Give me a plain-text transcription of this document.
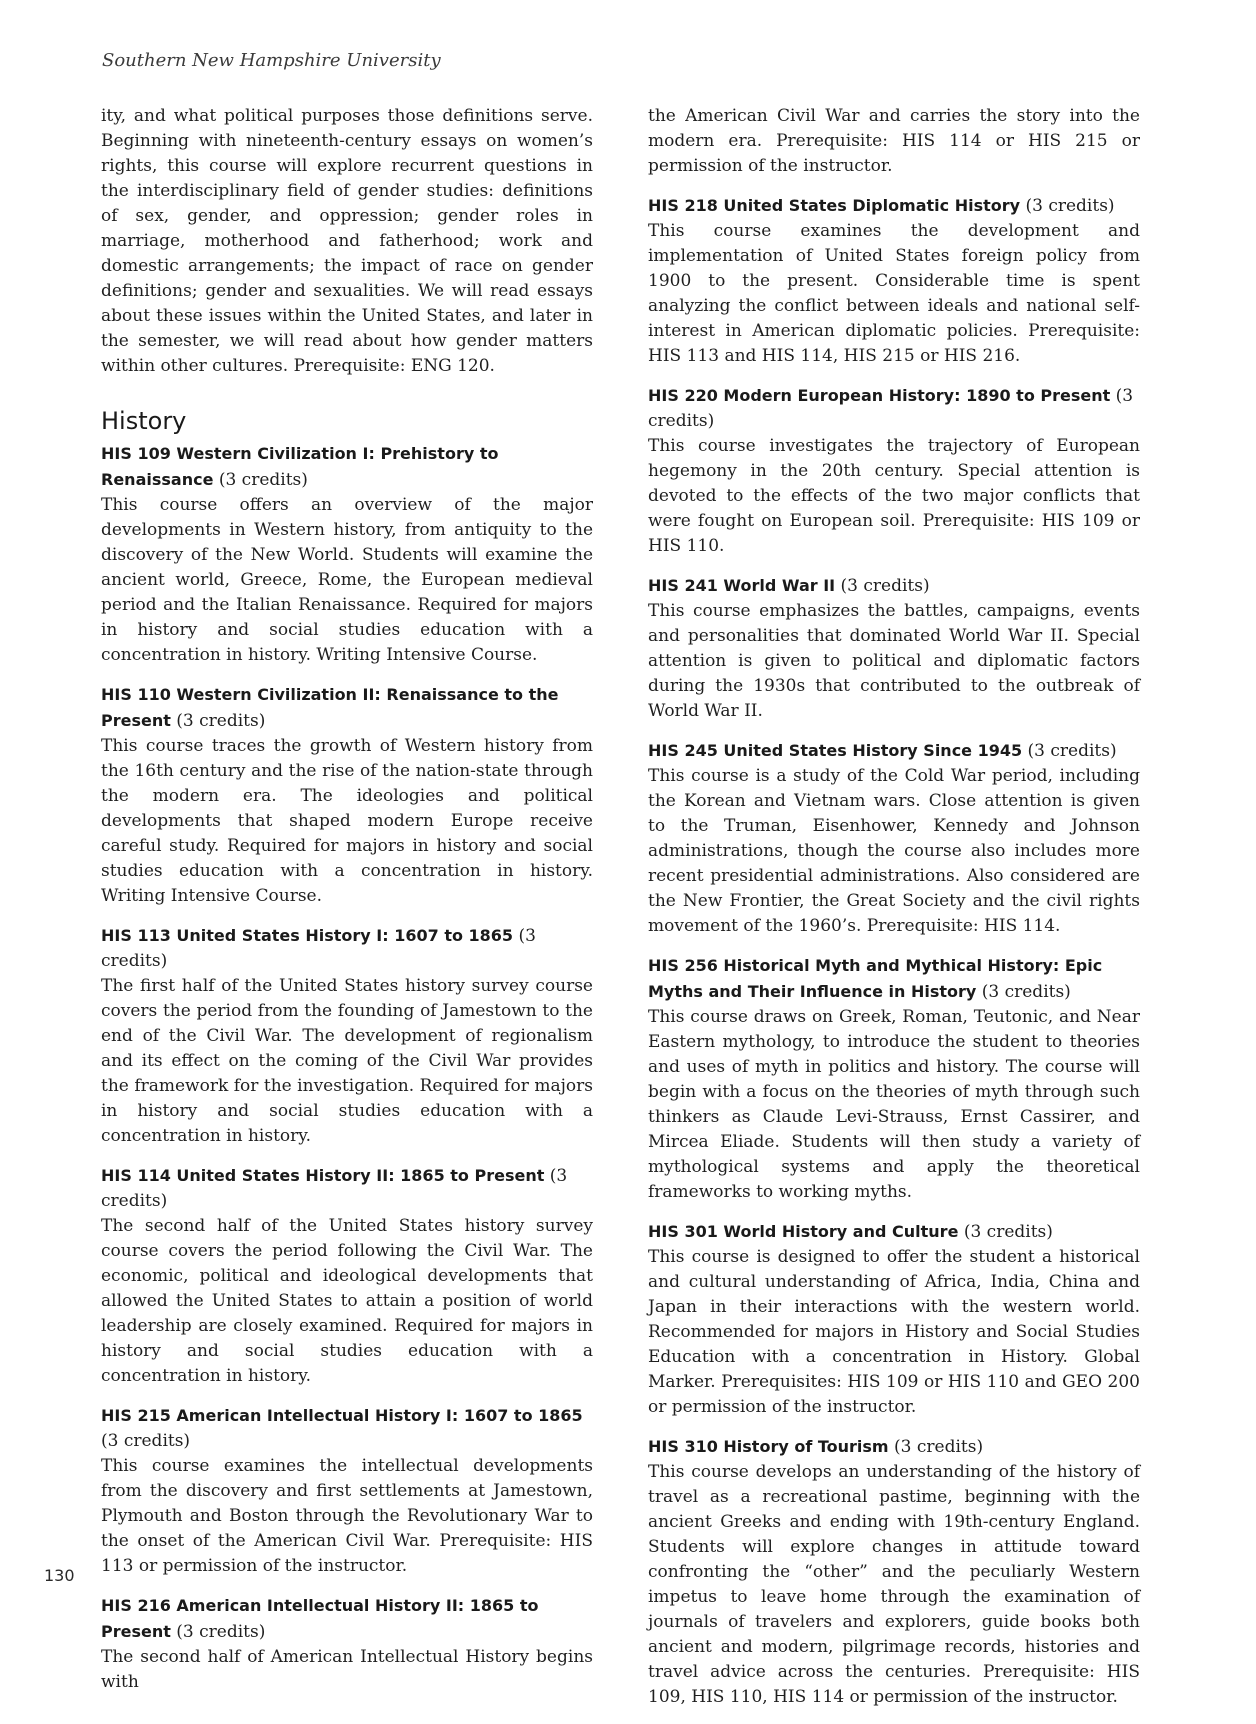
Southern New Hampshire University

ity, and what political purposes those definitions serve. Beginning with nineteenth-century essays on women’s rights, this course will explore recurrent questions in the interdisciplinary field of gender studies: definitions of sex, gender, and oppression; gender roles in marriage, motherhood and fatherhood; work and domestic arrangements; the impact of race on gender definitions; gender and sexualities. We will read essays about these issues within the United States, and later in the semester, we will read about how gender matters within other cultures. Prerequisite: ENG 120.

History

HIS 109 Western Civilization I: Prehistory to Renaissance (3 credits)

This course offers an overview of the major developments in Western history, from antiquity to the discovery of the New World. Students will examine the ancient world, Greece, Rome, the European medieval period and the Italian Renaissance. Required for majors in history and social studies education with a concentration in history. Writing Intensive Course.

HIS 110 Western Civilization II: Renaissance to the Present (3 credits)

This course traces the growth of Western history from the 16th century and the rise of the nation-state through the modern era. The ideologies and political developments that shaped modern Europe receive careful study. Required for majors in history and social studies education with a concentration in history. Writing Intensive Course.

HIS 113 United States History I: 1607 to 1865 (3 credits)

The first half of the United States history survey course covers the period from the founding of Jamestown to the end of the Civil War. The development of regionalism and its effect on the coming of the Civil War provides the framework for the investigation. Required for majors in history and social studies education with a concentration in history.

HIS 114 United States History II: 1865 to Present (3 credits)

The second half of the United States history survey course covers the period following the Civil War. The economic, political and ideological developments that allowed the United States to attain a position of world leadership are closely examined. Required for majors in history and social studies education with a concentration in history.

HIS 215 American Intellectual History I: 1607 to 1865 (3 credits)

This course examines the intellectual developments from the discovery and first settlements at Jamestown, Plymouth and Boston through the Revolutionary War to the onset of the American Civil War. Prerequisite: HIS 113 or permission of the instructor.

HIS 216 American Intellectual History II: 1865 to Present (3 credits)

The second half of American Intellectual History begins with

the American Civil War and carries the story into the modern era. Prerequisite: HIS 114 or HIS 215 or permission of the instructor.

HIS 218 United States Diplomatic History (3 credits)

This course examines the development and implementation of United States foreign policy from 1900 to the present. Considerable time is spent analyzing the conflict between ideals and national self-interest in American diplomatic policies. Prerequisite: HIS 113 and HIS 114, HIS 215 or HIS 216.

HIS 220 Modern European History: 1890 to Present (3 credits)

This course investigates the trajectory of European hegemony in the 20th century. Special attention is devoted to the effects of the two major conflicts that were fought on European soil. Prerequisite: HIS 109 or HIS 110.

HIS 241 World War II (3 credits)

This course emphasizes the battles, campaigns, events and personalities that dominated World War II. Special attention is given to political and diplomatic factors during the 1930s that contributed to the outbreak of World War II.

HIS 245 United States History Since 1945 (3 credits)

This course is a study of the Cold War period, including the Korean and Vietnam wars. Close attention is given to the Truman, Eisenhower, Kennedy and Johnson administrations, though the course also includes more recent presidential administrations. Also considered are the New Frontier, the Great Society and the civil rights movement of the 1960’s. Prerequisite: HIS 114.

HIS 256 Historical Myth and Mythical History: Epic Myths and Their Influence in History (3 credits)

This course draws on Greek, Roman, Teutonic, and Near Eastern mythology, to introduce the student to theories and uses of myth in politics and history. The course will begin with a focus on the theories of myth through such thinkers as Claude Levi-Strauss, Ernst Cassirer, and Mircea Eliade. Students will then study a variety of mythological systems and apply the theoretical frameworks to working myths.

HIS 301 World History and Culture (3 credits)

This course is designed to offer the student a historical and cultural understanding of Africa, India, China and Japan in their interactions with the western world. Recommended for majors in History and Social Studies Education with a concentration in History. Global Marker. Prerequisites: HIS 109 or HIS 110 and GEO 200 or permission of the instructor.

HIS 310 History of Tourism (3 credits)

This course develops an understanding of the history of travel as a recreational pastime, beginning with the ancient Greeks and ending with 19th-century England. Students will explore changes in attitude toward confronting the “other” and the peculiarly Western impetus to leave home through the examination of journals of travelers and explorers, guide books both ancient and modern, pilgrimage records, histories and travel advice across the centuries. Prerequisite: HIS 109, HIS 110, HIS 114 or permission of the instructor.

130
